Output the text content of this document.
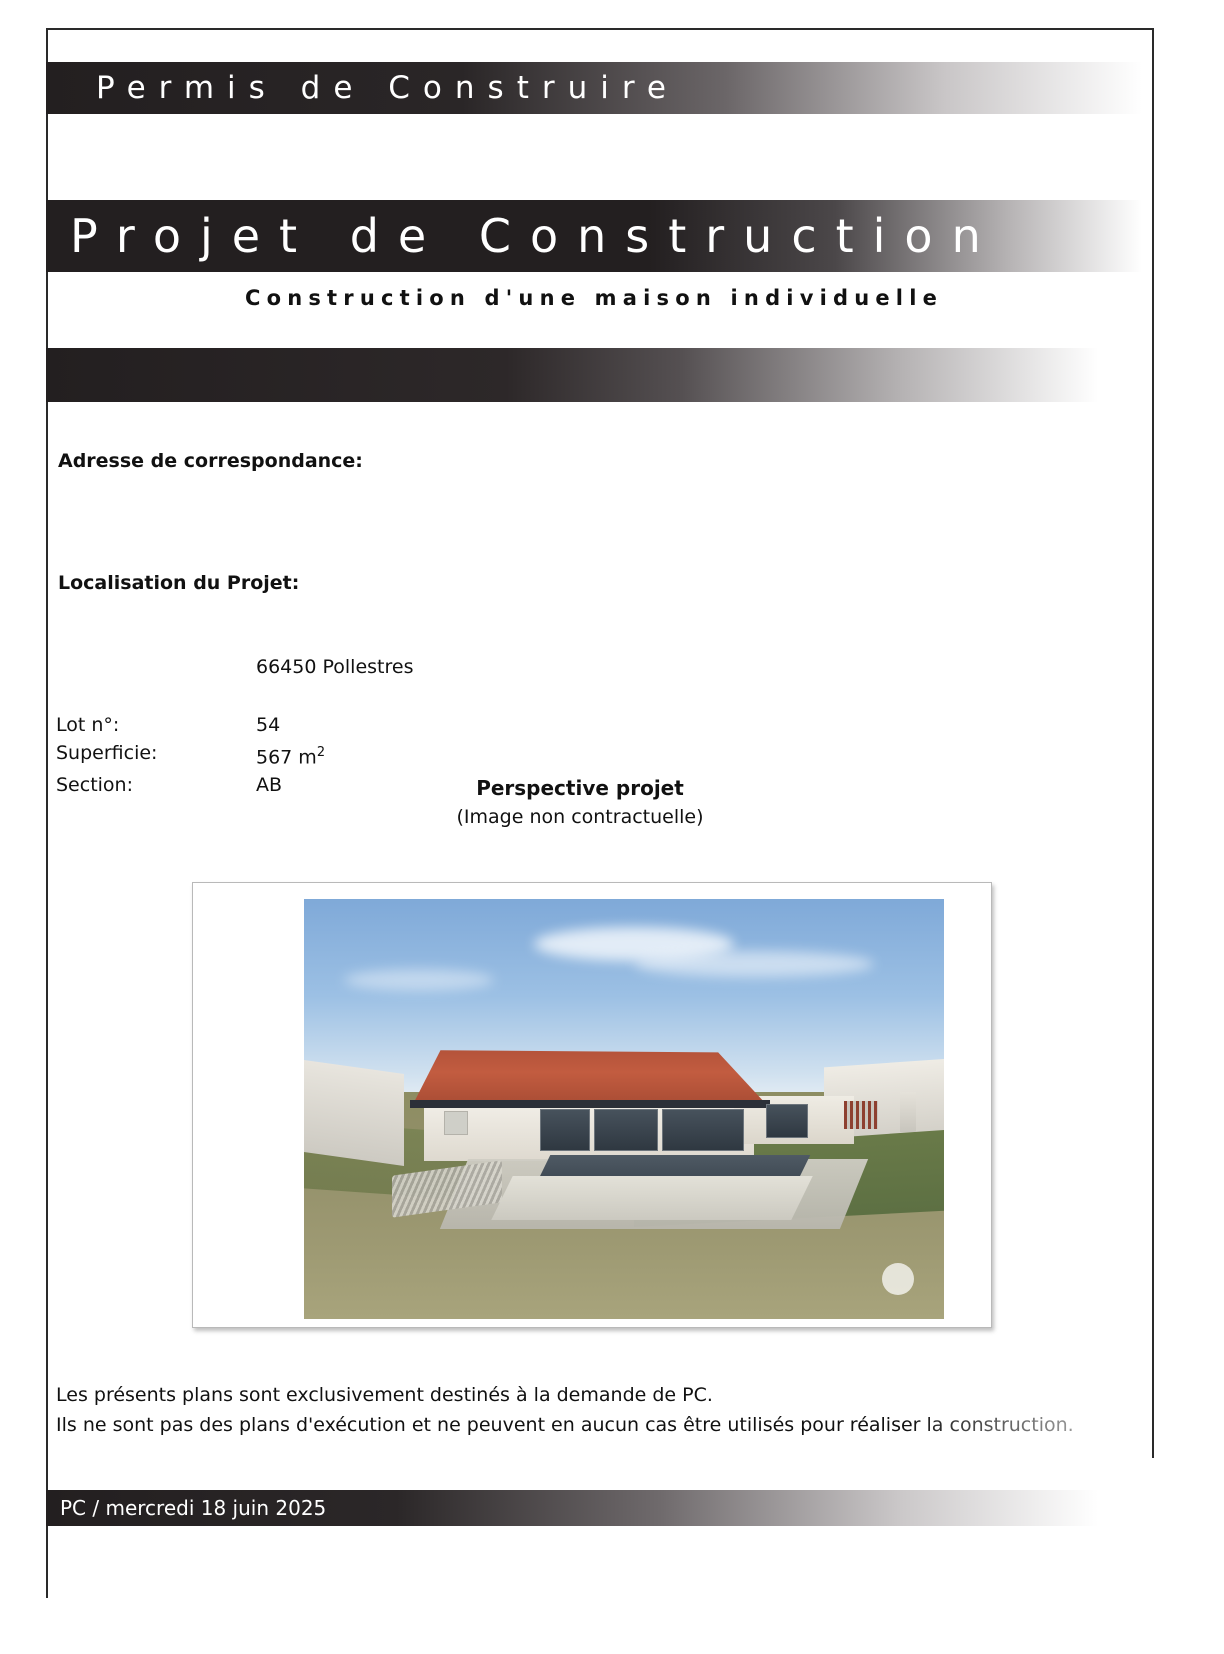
Permis de Construire
Projet de Construction
Construction d'une maison individuelle
Adresse de correspondance:
Localisation du Projet:
66450 Pollestres
Lot n°:	54
Superficie:	567 $m^2$
Section:	AB	Perspective projet
(Image non contractuelle)
Les présents plans sont exclusivement destinés à la demande de PC.
Ils ne sont pas des plans d'exécution et ne peuvent en aucun cas être utilisés pour réaliser la construction.
PC / mercredi 18 juin 2025
